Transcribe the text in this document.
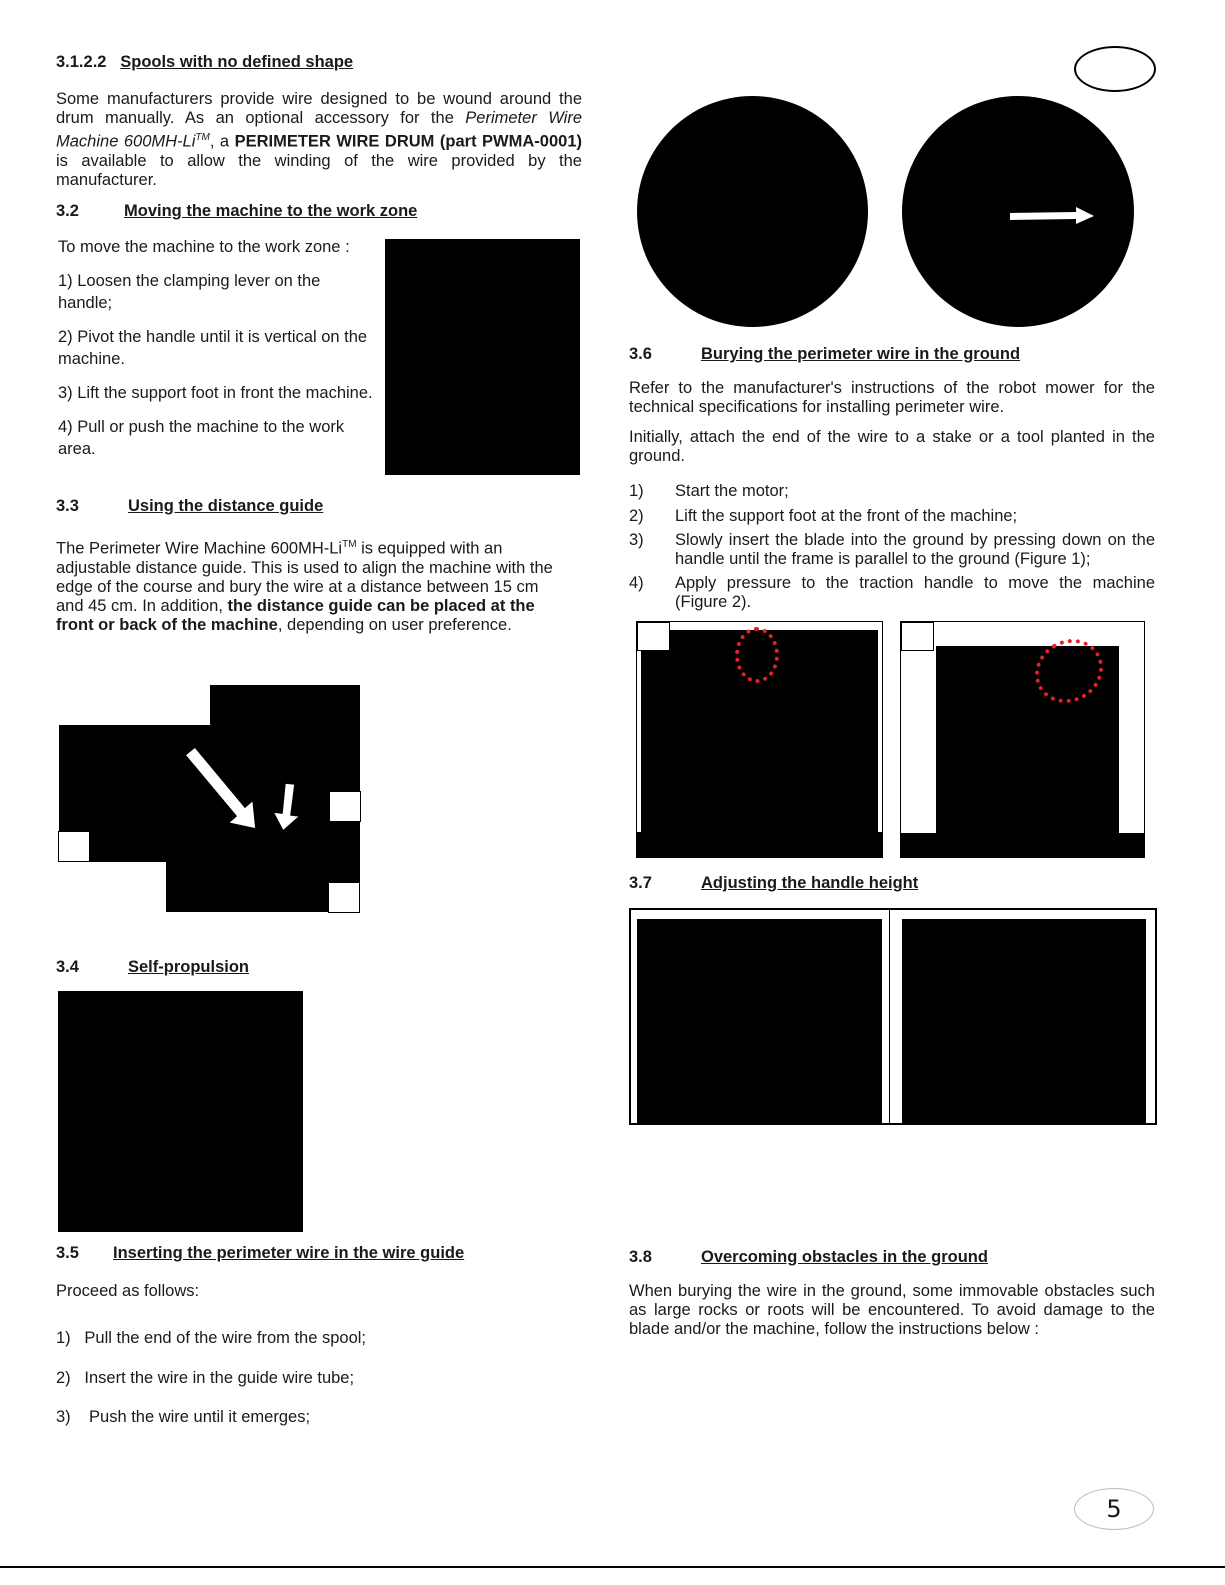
3.1.2.2 Spools with no defined shape
Some manufacturers provide wire designed to be wound around the drum manually. As an optional accessory for the Perimeter Wire Machine 600MH-Li™, a PERIMETER WIRE DRUM (part PWMA-0001) is available to allow the winding of the wire provided by the manufacturer.
3.2	Moving the machine to the work zone
To move the machine to the work zone :
1) Loosen the clamping lever on the handle;
2) Pivot the handle until it is vertical on the machine.
3) Lift the support foot in front the machine.
4) Pull or push the machine to the work area.
3.3	Using the distance guide
The Perimeter Wire Machine 600MH-Li™ is equipped with an adjustable distance guide. This is used to align the machine with the edge of the course and bury the wire at a distance between 15 cm and 45 cm. In addition, the distance guide can be placed at the front or back of the machine, depending on user preference.
3.4	Self-propulsion
3.5 Inserting the perimeter wire in the wire guide
Proceed as follows:
1)   Pull the end of the wire from the spool;
2)   Insert the wire in the guide wire tube;
3)    Push the wire until it emerges;
3.6	Burying the perimeter wire in the ground
Refer to the manufacturer's instructions of the robot mower for the technical specifications for installing perimeter wire.
Initially, attach the end of the wire to a stake or a tool planted in the ground.
1) Start the motor;
2) Lift the support foot at the front of the machine;
3) Slowly insert the blade into the ground by pressing down on the handle until the frame is parallel to the ground (Figure 1);
4) Apply pressure to the traction handle to move the machine (Figure 2).
3.7	Adjusting the handle height
3.8	Overcoming obstacles in the ground
When burying the wire in the ground, some immovable obstacles such as large rocks or roots will be encountered. To avoid damage to the blade and/or the machine, follow the instructions below :
5
